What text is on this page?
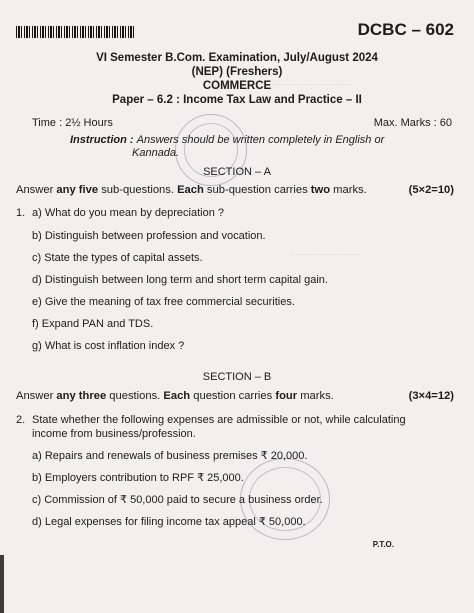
DCBC – 602
VI Semester B.Com. Examination, July/August 2024
(NEP) (Freshers)
COMMERCE
Paper – 6.2 : Income Tax Law and Practice – II
Time : 2½ Hours	Max. Marks : 60
Instruction : Answers should be written completely in English or
Kannada.
~~~~~~~~~~~~~~
~~~~~~~~~~~~
SECTION – A
Answer any five sub-questions. Each sub-question carries two marks.	(5×2=10)
1. a) What do you mean by depreciation ?
b) Distinguish between profession and vocation.
c) State the types of capital assets.
d) Distinguish between long term and short term capital gain.
e) Give the meaning of tax free commercial securities.
f) Expand PAN and TDS.
g) What is cost inflation index ?
SECTION – B
Answer any three questions. Each question carries four marks.	(3×4=12)
2. State whether the following expenses are admissible or not, while calculating
income from business/profession.
a) Repairs and renewals of business premises ₹ 20,000.
b) Employers contribution to RPF ₹ 25,000.
c) Commission of ₹ 50,000 paid to secure a business order.
d) Legal expenses for filing income tax appeal ₹ 50,000.
P.T.O.
